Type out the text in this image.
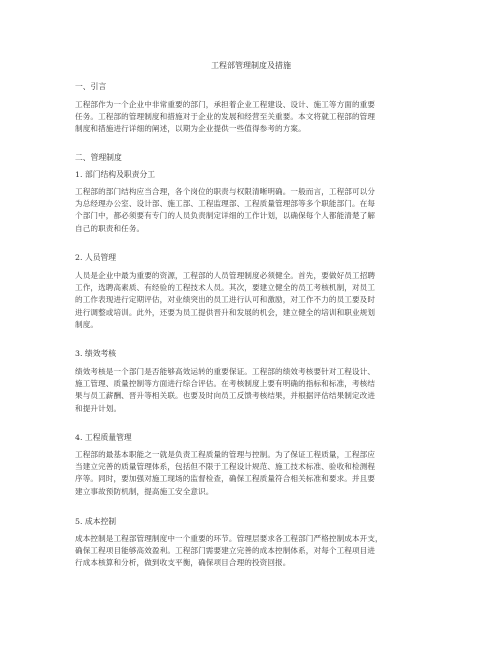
工程部管理制度及措施
一、引言
工程部作为一个企业中非常重要的部门，承担着企业工程建设、设计、施工等方面的重要
任务。工程部的管理制度和措施对于企业的发展和经营至关重要。本文将就工程部的管理
制度和措施进行详细的阐述，以期为企业提供一些值得参考的方案。
二、管理制度
1. 部门结构及职责分工
工程部的部门结构应当合理，各个岗位的职责与权限清晰明确。一般而言，工程部可以分
为总经理办公室、设计部、施工部、工程监理部、工程质量管理部等多个职能部门。在每
个部门中，都必须要有专门的人员负责制定详细的工作计划，以确保每个人都能清楚了解
自己的职责和任务。
2. 人员管理
人员是企业中最为重要的资源，工程部的人员管理制度必须健全。首先，要做好员工招聘
工作，选聘高素质、有经验的工程技术人员。其次，要建立健全的员工考核机制，对员工
的工作表现进行定期评估，对业绩突出的员工进行认可和激励，对工作不力的员工要及时
进行调整或培训。此外，还要为员工提供晋升和发展的机会，建立健全的培训和职业规划
制度。
3. 绩效考核
绩效考核是一个部门是否能够高效运转的重要保证。工程部的绩效考核要针对工程设计、
施工管理、质量控制等方面进行综合评估。在考核制度上要有明确的指标和标准，考核结
果与员工薪酬、晋升等相关联。也要及时向员工反馈考核结果，并根据评估结果制定改进
和提升计划。
4. 工程质量管理
工程部的最基本职能之一就是负责工程质量的管理与控制。为了保证工程质量，工程部应
当建立完善的质量管理体系，包括但不限于工程设计规范、施工技术标准、验收和检测程
序等。同时，要加强对施工现场的监督检查，确保工程质量符合相关标准和要求。并且要
建立事故预防机制，提高施工安全意识。
5. 成本控制
成本控制是工程部管理制度中一个重要的环节。管理层要求各工程部门严格控制成本开支，
确保工程项目能够高效盈利。工程部门需要建立完善的成本控制体系，对每个工程项目进
行成本核算和分析，做到收支平衡，确保项目合理的投资回报。
